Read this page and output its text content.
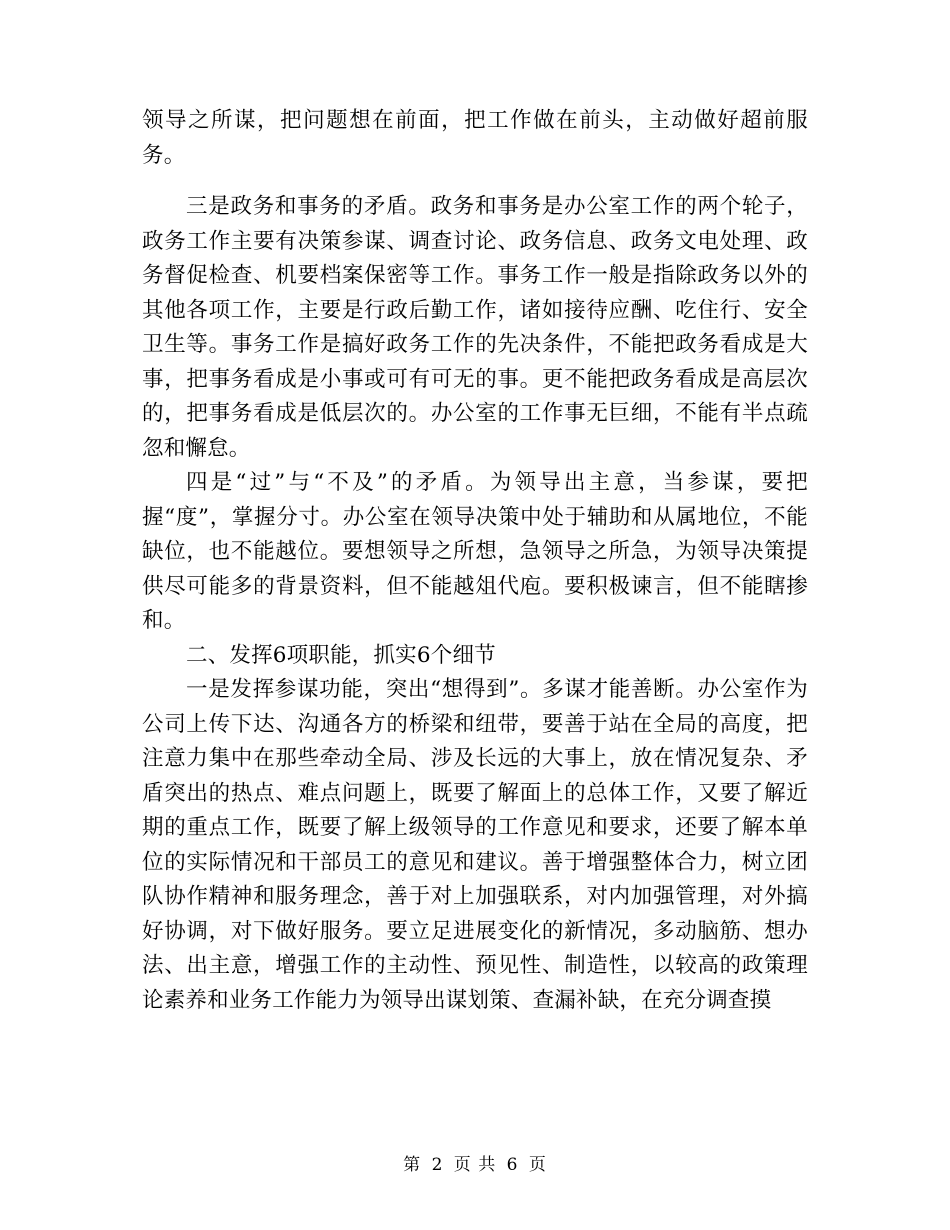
领导之所谋，把问题想在前面，把工作做在前头，主动做好超前服务。

三是政务和事务的矛盾。政务和事务是办公室工作的两个轮子，政务工作主要有决策参谋、调查讨论、政务信息、政务文电处理、政务督促检查、机要档案保密等工作。事务工作一般是指除政务以外的其他各项工作，主要是行政后勤工作，诸如接待应酬、吃住行、安全卫生等。事务工作是搞好政务工作的先决条件，不能把政务看成是大事，把事务看成是小事或可有可无的事。更不能把政务看成是高层次的，把事务看成是低层次的。办公室的工作事无巨细，不能有半点疏忽和懈怠。

四是“过”与“不及”的矛盾。为领导出主意，当参谋，要把握“度”，掌握分寸。办公室在领导决策中处于辅助和从属地位，不能缺位，也不能越位。要想领导之所想，急领导之所急，为领导决策提供尽可能多的背景资料，但不能越俎代庖。要积极谏言，但不能瞎掺和。

二、发挥6项职能，抓实6个细节

一是发挥参谋功能，突出“想得到”。多谋才能善断。办公室作为公司上传下达、沟通各方的桥梁和纽带，要善于站在全局的高度，把注意力集中在那些牵动全局、涉及长远的大事上，放在情况复杂、矛盾突出的热点、难点问题上，既要了解面上的总体工作，又要了解近期的重点工作，既要了解上级领导的工作意见和要求，还要了解本单位的实际情况和干部员工的意见和建议。善于增强整体合力，树立团队协作精神和服务理念，善于对上加强联系，对内加强管理，对外搞好协调，对下做好服务。要立足进展变化的新情况，多动脑筋、想办法、出主意，增强工作的主动性、预见性、制造性，以较高的政策理论素养和业务工作能力为领导出谋划策、查漏补缺，在充分调查摸

第 2 页 共 6 页
